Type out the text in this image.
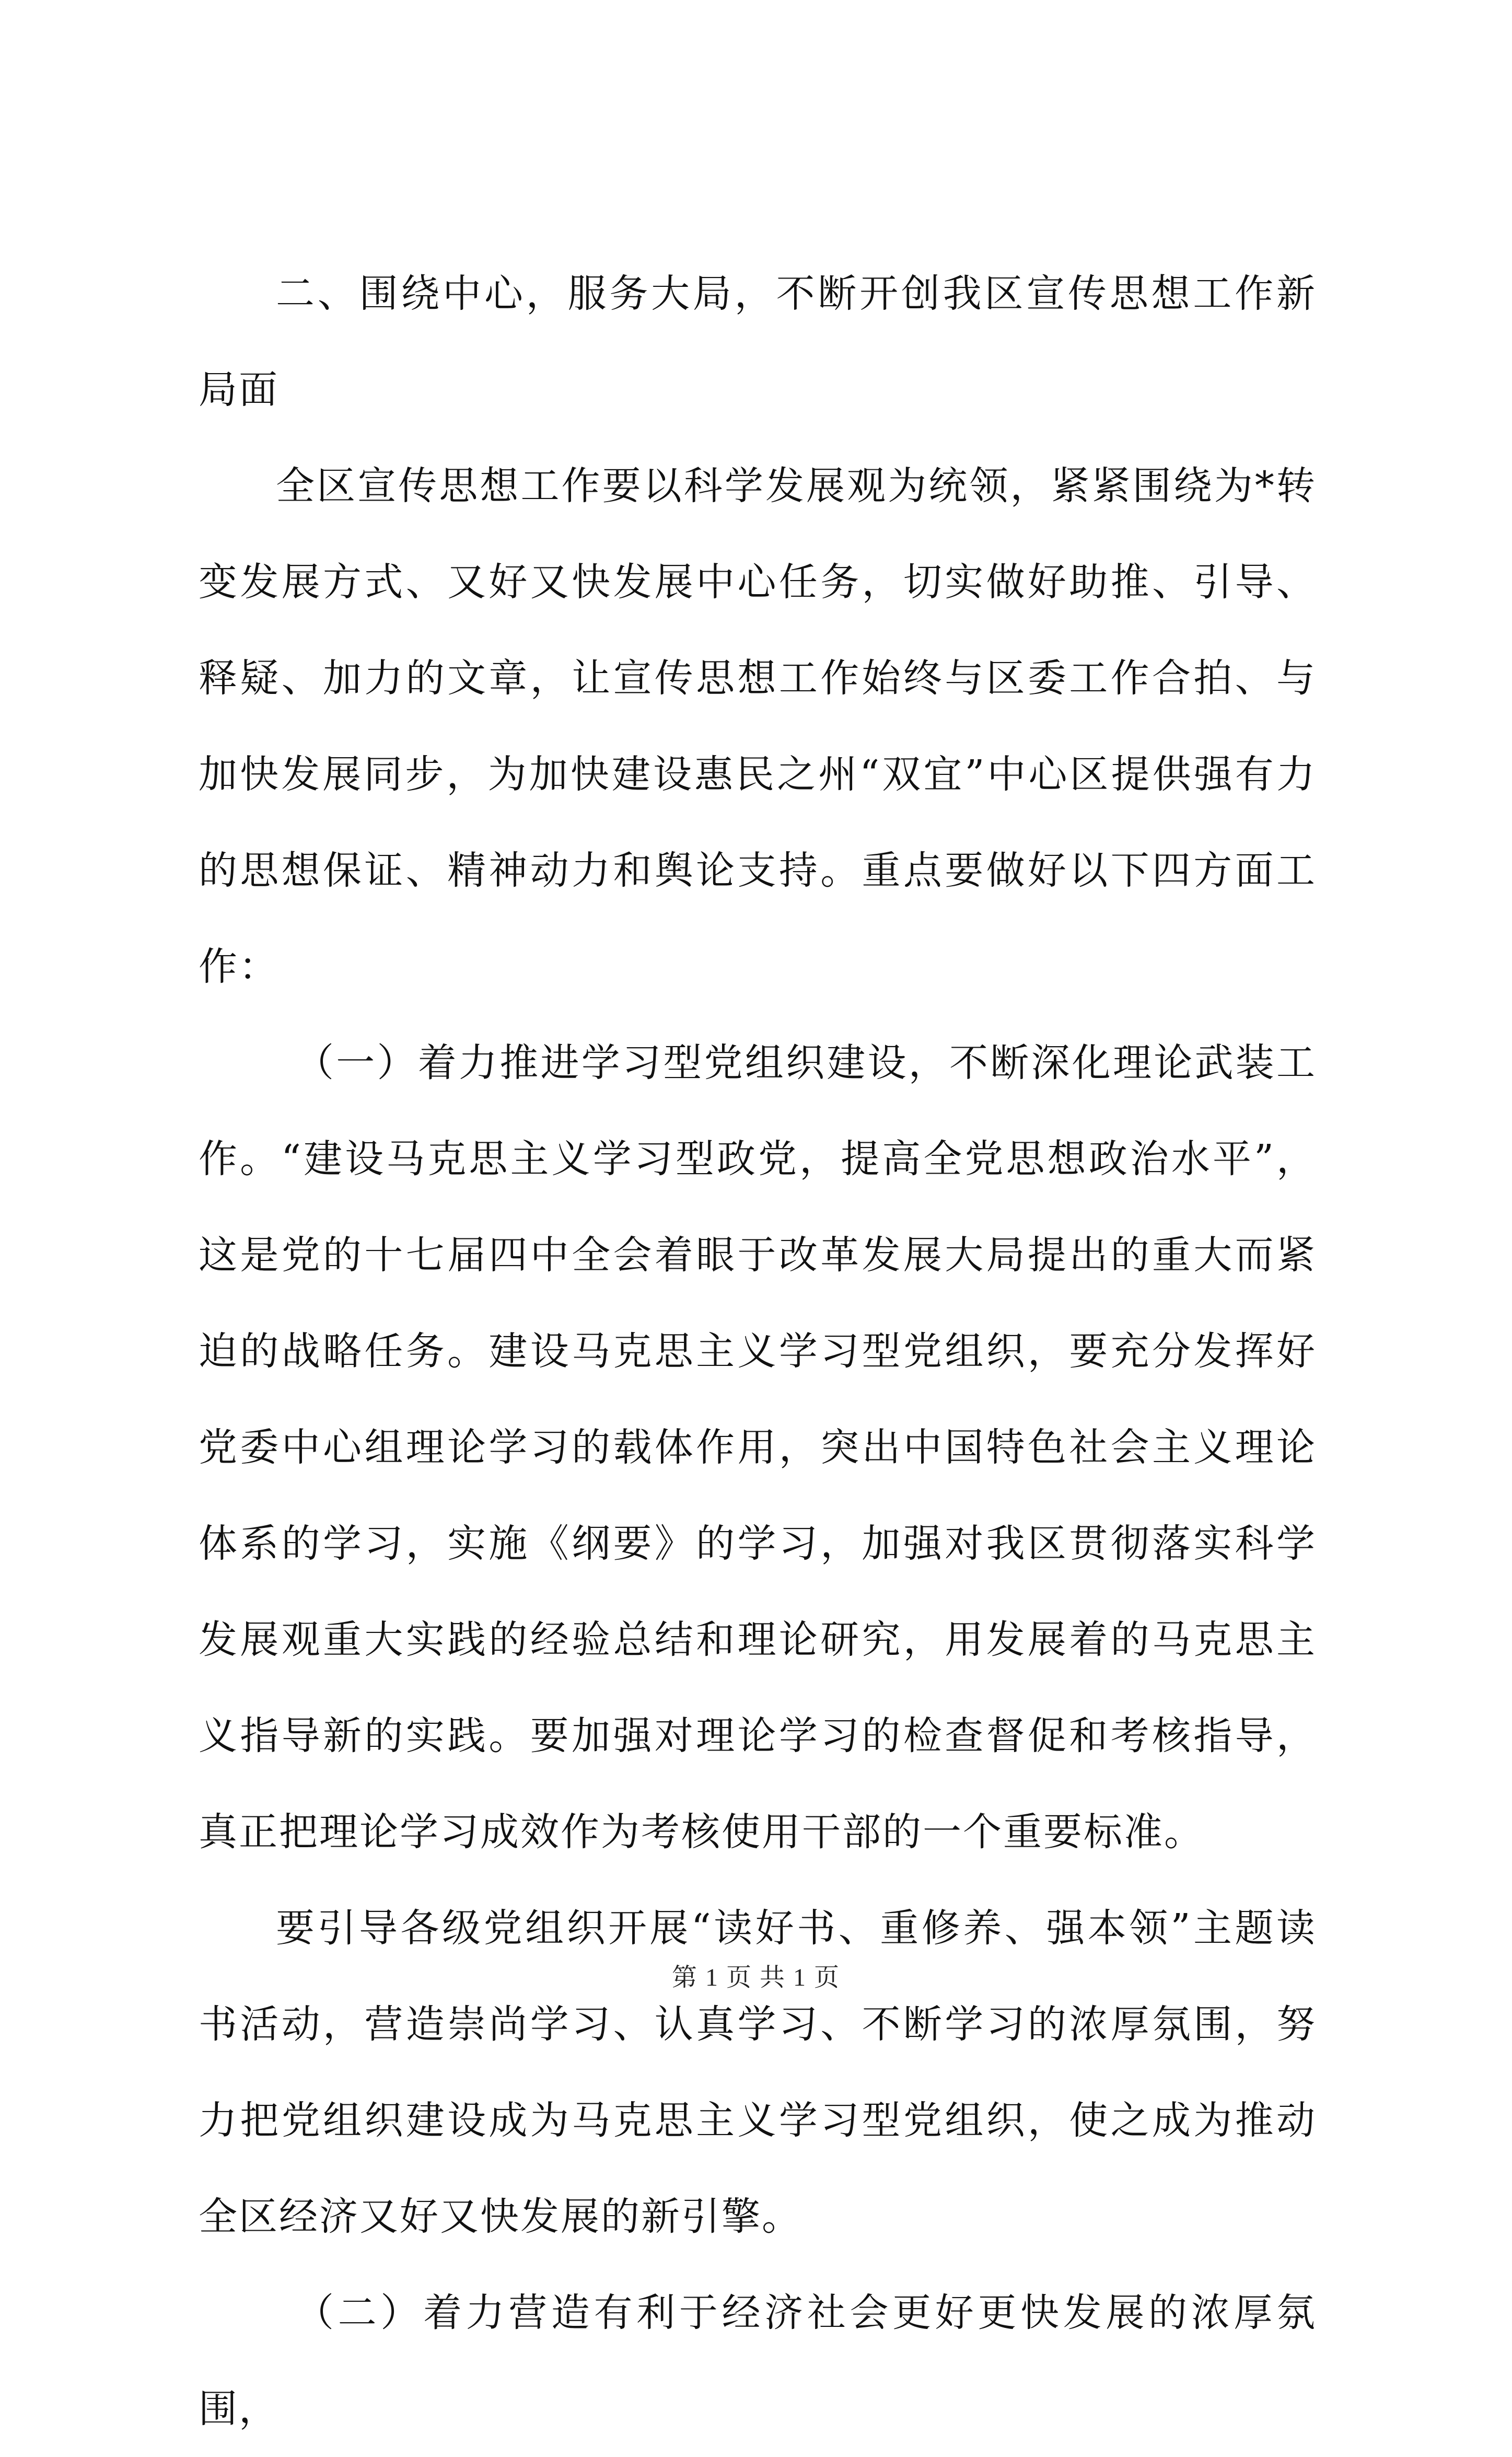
二、围绕中心，服务大局，不断开创我区宣传思想工作新局面

全区宣传思想工作要以科学发展观为统领，紧紧围绕为*转变发展方式、又好又快发展中心任务，切实做好助推、引导、释疑、加力的文章，让宣传思想工作始终与区委工作合拍、与加快发展同步，为加快建设惠民之州“双宜”中心区提供强有力的思想保证、精神动力和舆论支持。重点要做好以下四方面工作：

（一）着力推进学习型党组织建设，不断深化理论武装工作。“建设马克思主义学习型政党，提高全党思想政治水平”，这是党的十七届四中全会着眼于改革发展大局提出的重大而紧迫的战略任务。建设马克思主义学习型党组织，要充分发挥好党委中心组理论学习的载体作用，突出中国特色社会主义理论体系的学习，实施《纲要》的学习，加强对我区贯彻落实科学发展观重大实践的经验总结和理论研究，用发展着的马克思主义指导新的实践。要加强对理论学习的检查督促和考核指导，真正把理论学习成效作为考核使用干部的一个重要标准。

要引导各级党组织开展“读好书、重修养、强本领”主题读书活动，营造崇尚学习、认真学习、不断学习的浓厚氛围，努力把党组织建设成为马克思主义学习型党组织，使之成为推动全区经济又好又快发展的新引擎。

（二）着力营造有利于经济社会更好更快发展的浓厚氛围，

第 1 页 共 1 页
